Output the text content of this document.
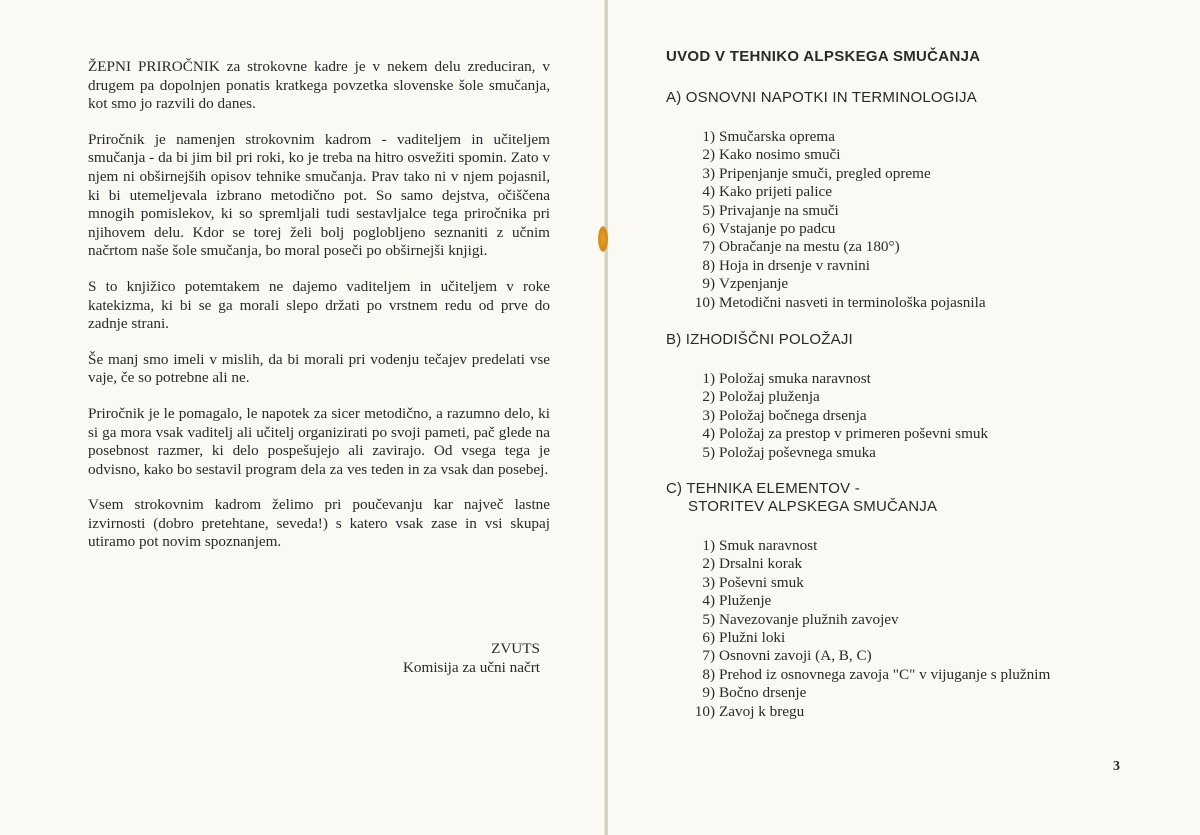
ŽEPNI PRIROČNIK za strokovne kadre je v nekem delu zreduciran, v drugem pa dopolnjen ponatis kratkega povzetka slovenske šole smučanja, kot smo jo razvili do danes.

Priročnik je namenjen strokovnim kadrom - vaditeljem in učiteljem smučanja - da bi jim bil pri roki, ko je treba na hitro osvežiti spomin. Zato v njem ni obširnejših opisov tehnike smučanja. Prav tako ni v njem pojasnil, ki bi utemeljevala izbrano metodično pot. So samo dejstva, očiščena mnogih pomislekov, ki so spremljali tudi sestavljalce tega priročnika pri njihovem delu. Kdor se torej želi bolj poglobljeno seznaniti z učnim načrtom naše šole smučanja, bo moral poseči po obširnejši knjigi.

S to knjižico potemtakem ne dajemo vaditeljem in učiteljem v roke katekizma, ki bi se ga morali slepo držati po vrstnem redu od prve do zadnje strani.

Še manj smo imeli v mislih, da bi morali pri vodenju tečajev predelati vse vaje, če so potrebne ali ne.

Priročnik je le pomagalo, le napotek za sicer metodično, a razumno delo, ki si ga mora vsak vaditelj ali učitelj organizirati po svoji pameti, pač glede na posebnost razmer, ki delo pospešujejo ali zavirajo. Od vsega tega je odvisno, kako bo sestavil program dela za ves teden in za vsak dan posebej.

Vsem strokovnim kadrom želimo pri poučevanju kar največ lastne izvirnosti (dobro pretehtane, seveda!) s katero vsak zase in vsi skupaj utiramo pot novim spoznanjem.

ZVUTS
Komisija za učni načrt
UVOD V TEHNIKO ALPSKEGA SMUČANJA
A) OSNOVNI NAPOTKI IN TERMINOLOGIJA
1) Smučarska oprema
2) Kako nosimo smuči
3) Pripenjanje smuči, pregled opreme
4) Kako prijeti palice
5) Privajanje na smuči
6) Vstajanje po padcu
7) Obračanje na mestu (za 180°)
8) Hoja in drsenje v ravnini
9) Vzpenjanje
10) Metodični nasveti in terminološka pojasnila
B) IZHODIŠČNI POLOŽAJI
1) Položaj smuka naravnost
2) Položaj pluženja
3) Položaj bočnega drsenja
4) Položaj za prestop v primeren poševni smuk
5) Položaj poševnega smuka
C) TEHNIKA ELEMENTOV -
STORITEV ALPSKEGA SMUČANJA
1) Smuk naravnost
2) Drsalni korak
3) Poševni smuk
4) Pluženje
5) Navezovanje plužnih zavojev
6) Plužni loki
7) Osnovni zavoji (A, B, C)
8) Prehod iz osnovnega zavoja "C" v vijuganje s plužnim
9) Bočno drsenje
10) Zavoj k bregu
3
